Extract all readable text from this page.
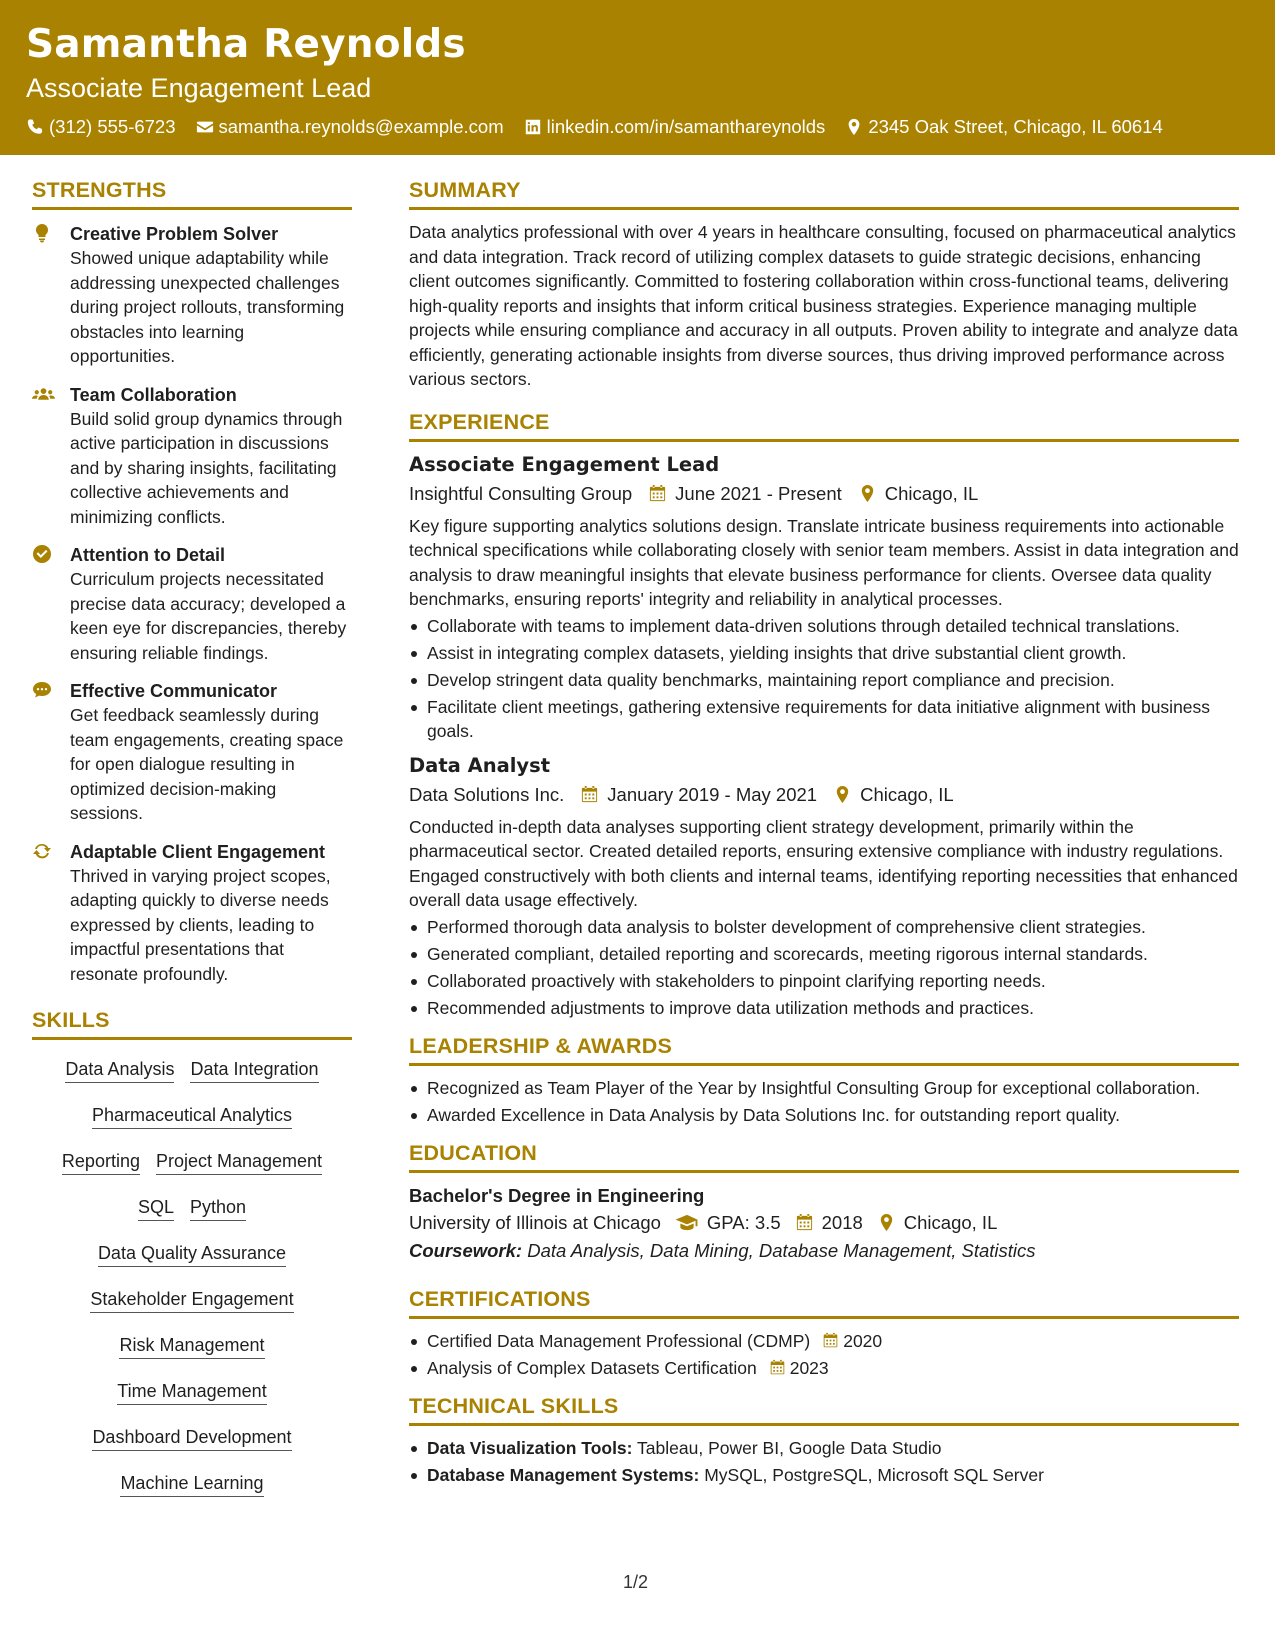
Samantha Reynolds
Associate Engagement Lead
(312) 555-6723 samantha.reynolds@example.com linkedin.com/in/samanthareynolds 2345 Oak Street, Chicago, IL 60614
STRENGTHS
Creative Problem Solver
Showed unique adaptability while addressing unexpected challenges during project rollouts, transforming obstacles into learning opportunities.
Team Collaboration
Build solid group dynamics through active participation in discussions and by sharing insights, facilitating collective achievements and minimizing conflicts.
Attention to Detail
Curriculum projects necessitated precise data accuracy; developed a keen eye for discrepancies, thereby ensuring reliable findings.
Effective Communicator
Get feedback seamlessly during team engagements, creating space for open dialogue resulting in optimized decision-making sessions.
Adaptable Client Engagement
Thrived in varying project scopes, adapting quickly to diverse needs expressed by clients, leading to impactful presentations that resonate profoundly.
SKILLS
Data Analysis Data Integration
Pharmaceutical Analytics
Reporting Project Management
SQL Python
Data Quality Assurance
Stakeholder Engagement
Risk Management
Time Management
Dashboard Development
Machine Learning
SUMMARY
Data analytics professional with over 4 years in healthcare consulting, focused on pharmaceutical analytics and data integration. Track record of utilizing complex datasets to guide strategic decisions, enhancing client outcomes significantly. Committed to fostering collaboration within cross-functional teams, delivering high-quality reports and insights that inform critical business strategies. Experience managing multiple projects while ensuring compliance and accuracy in all outputs. Proven ability to integrate and analyze data efficiently, generating actionable insights from diverse sources, thus driving improved performance across various sectors.
EXPERIENCE
Associate Engagement Lead
Insightful Consulting Group June 2021 - Present Chicago, IL
Key figure supporting analytics solutions design. Translate intricate business requirements into actionable technical specifications while collaborating closely with senior team members. Assist in data integration and analysis to draw meaningful insights that elevate business performance for clients. Oversee data quality benchmarks, ensuring reports' integrity and reliability in analytical processes.
Collaborate with teams to implement data-driven solutions through detailed technical translations.
Assist in integrating complex datasets, yielding insights that drive substantial client growth.
Develop stringent data quality benchmarks, maintaining report compliance and precision.
Facilitate client meetings, gathering extensive requirements for data initiative alignment with business goals.
Data Analyst
Data Solutions Inc. January 2019 - May 2021 Chicago, IL
Conducted in-depth data analyses supporting client strategy development, primarily within the pharmaceutical sector. Created detailed reports, ensuring extensive compliance with industry regulations. Engaged constructively with both clients and internal teams, identifying reporting necessities that enhanced overall data usage effectively.
Performed thorough data analysis to bolster development of comprehensive client strategies.
Generated compliant, detailed reporting and scorecards, meeting rigorous internal standards.
Collaborated proactively with stakeholders to pinpoint clarifying reporting needs.
Recommended adjustments to improve data utilization methods and practices.
LEADERSHIP & AWARDS
Recognized as Team Player of the Year by Insightful Consulting Group for exceptional collaboration.
Awarded Excellence in Data Analysis by Data Solutions Inc. for outstanding report quality.
EDUCATION
Bachelor's Degree in Engineering
University of Illinois at Chicago GPA: 3.5 2018 Chicago, IL
Coursework: Data Analysis, Data Mining, Database Management, Statistics
CERTIFICATIONS
Certified Data Management Professional (CDMP) 2020
Analysis of Complex Datasets Certification 2023
TECHNICAL SKILLS
Data Visualization Tools: Tableau, Power BI, Google Data Studio
Database Management Systems: MySQL, PostgreSQL, Microsoft SQL Server
1/2
